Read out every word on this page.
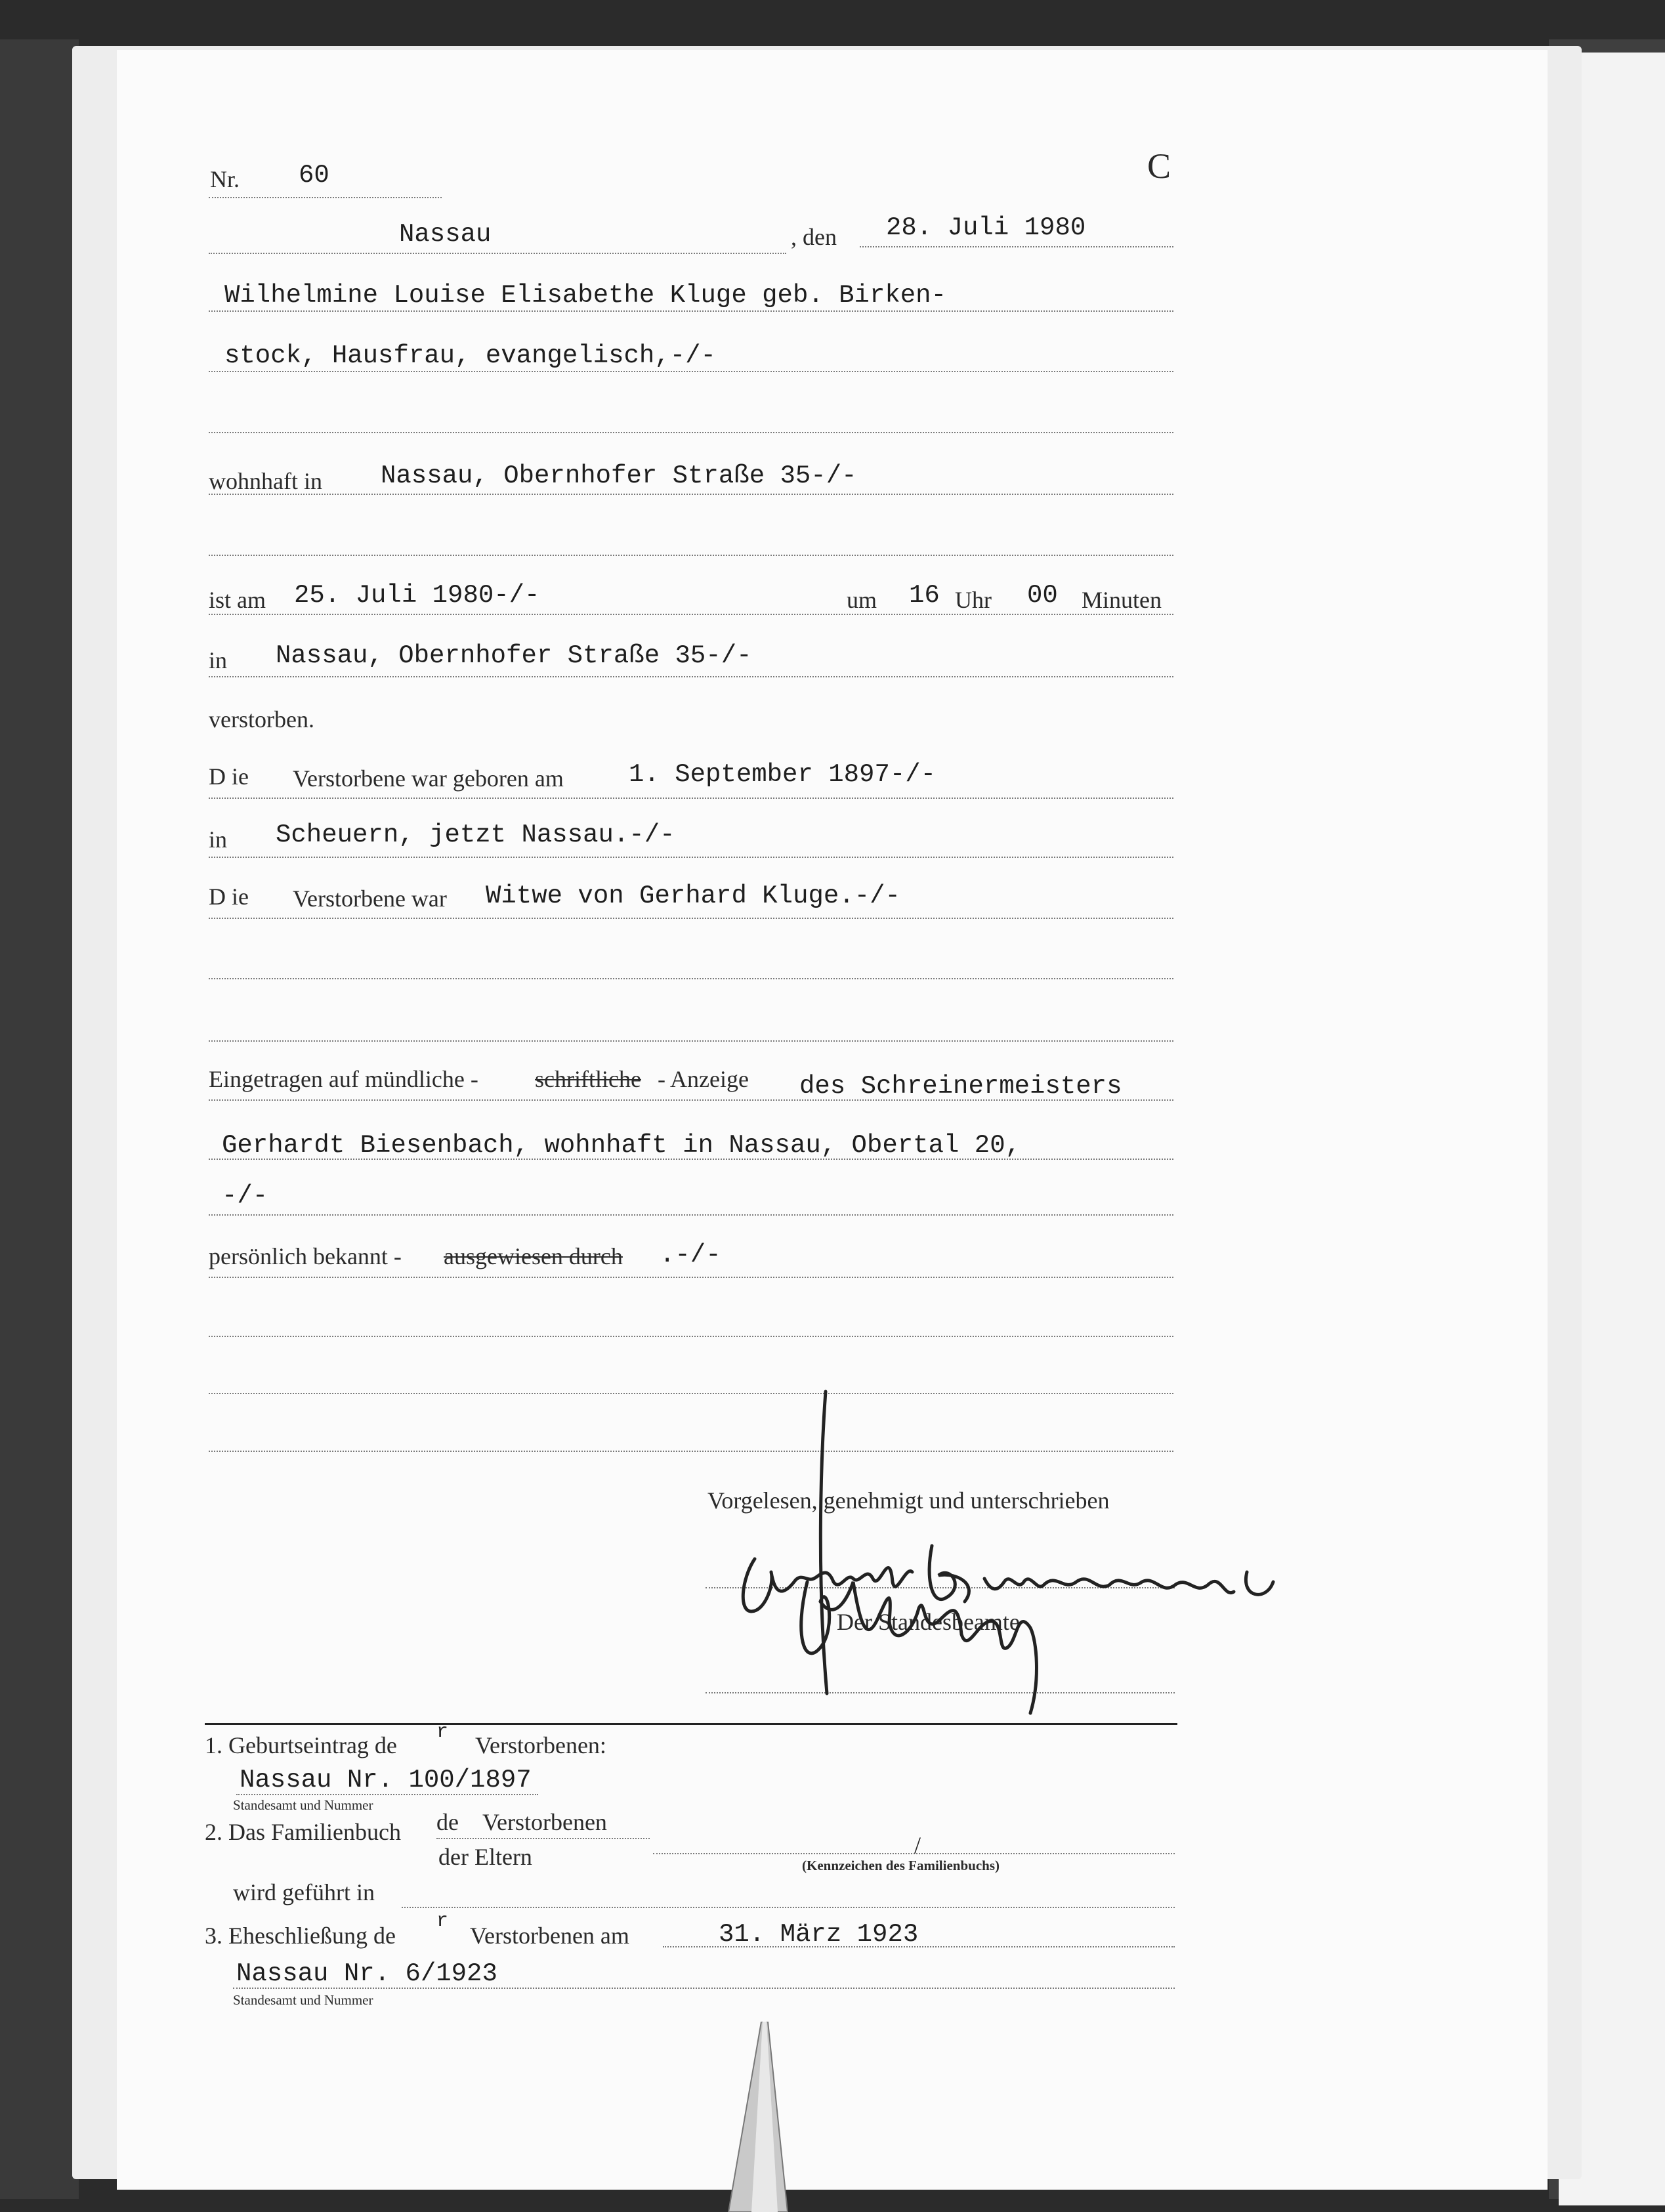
Nr. 60	C
Nassau	, den 28. Juli 1980
Wilhelmine Louise Elisabethe Kluge geb. Birken-
stock, Hausfrau, evangelisch,-/-
wohnhaft in Nassau, Obernhofer Straße 35-/-
ist am 25. Juli 1980-/-	um 16 Uhr 00 Minuten
in Nassau, Obernhofer Straße 35-/-
verstorben.
D ie Verstorbene war geboren am	1. September 1897-/-
in Scheuern, jetzt Nassau.-/-
D ie Verstorbene war Witwe von Gerhard Kluge.-/-
Eingetragen auf mündliche - schriftliche - Anzeige des Schreinermeisters
Gerhardt Biesenbach, wohnhaft in Nassau, Obertal 20,
-/-
persönlich bekannt - ausgewiesen durch .-/-
Vorgelesen, genehmigt und unterschrieben
Der Standesbeamte
1. Geburtseintrag de r Verstorbenen:
Nassau Nr. 100/1897
Standesamt und Nummer
2. Das Familienbuch de Verstorbenen
der Eltern	/
(Kennzeichen des Familienbuchs)
wird geführt in
3. Eheschließung de
r
Verstorbenen am	31. März 1923
Nassau Nr. 6/1923
Standesamt und Nummer
